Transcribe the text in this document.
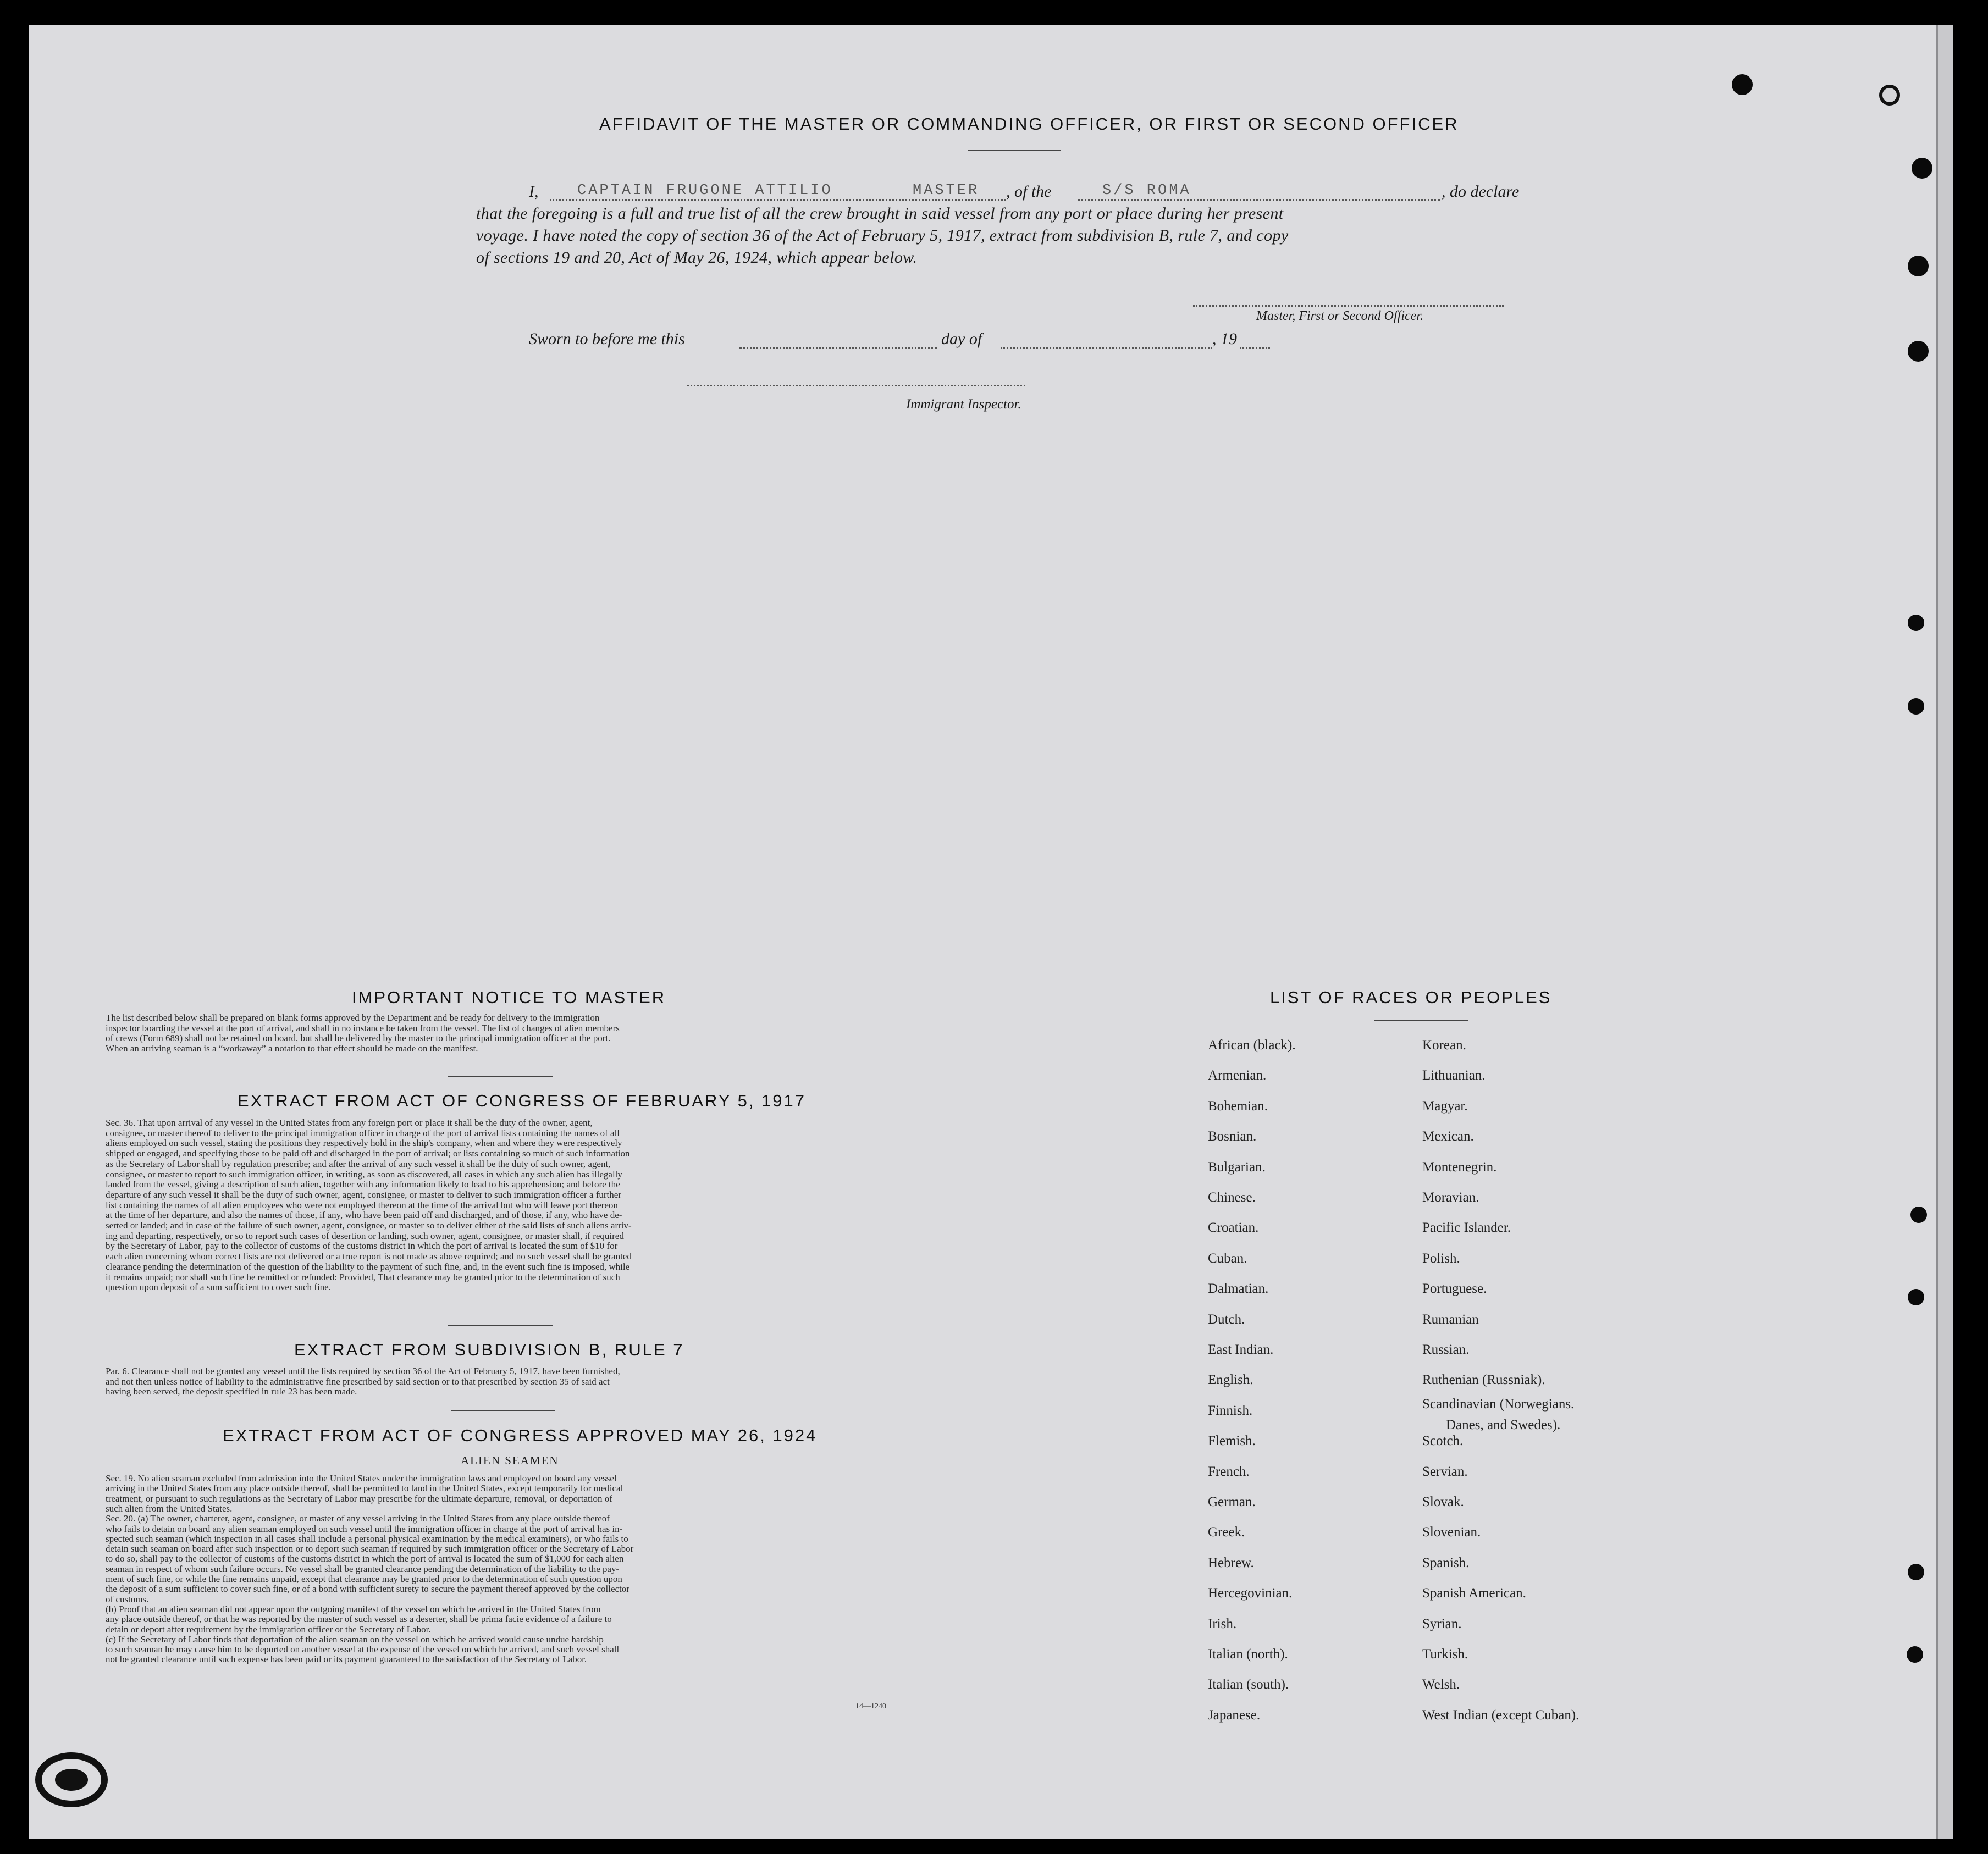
AFFIDAVIT OF THE MASTER OR COMMANDING OFFICER, OR FIRST OR SECOND OFFICER
I,	CAPTAIN FRUGONE ATTILIO	MASTER , of the	S/S ROMA	, do declare
that the foregoing is a full and true list of all the crew brought in said vessel from any port or place during her present
voyage. I have noted the copy of section 36 of the Act of February 5, 1917, extract from subdivision B, rule 7, and copy
of sections 19 and 20, Act of May 26, 1924, which appear below.
Master, First or Second Officer.
Sworn to before me this	day of	, 19
Immigrant Inspector.
IMPORTANT NOTICE TO MASTER
The list described below shall be prepared on blank forms approved by the Department and be ready for delivery to the immigration
inspector boarding the vessel at the port of arrival, and shall in no instance be taken from the vessel. The list of changes of alien members
of crews (Form 689) shall not be retained on board, but shall be delivered by the master to the principal immigration officer at the port.
When an arriving seaman is a “workaway” a notation to that effect should be made on the manifest.
EXTRACT FROM ACT OF CONGRESS OF FEBRUARY 5, 1917
Sec. 36. That upon arrival of any vessel in the United States from any foreign port or place it shall be the duty of the owner, agent,
consignee, or master thereof to deliver to the principal immigration officer in charge of the port of arrival lists containing the names of all
aliens employed on such vessel, stating the positions they respectively hold in the ship's company, when and where they were respectively
shipped or engaged, and specifying those to be paid off and discharged in the port of arrival; or lists containing so much of such information
as the Secretary of Labor shall by regulation prescribe; and after the arrival of any such vessel it shall be the duty of such owner, agent,
consignee, or master to report to such immigration officer, in writing, as soon as discovered, all cases in which any such alien has illegally
landed from the vessel, giving a description of such alien, together with any information likely to lead to his apprehension; and before the
departure of any such vessel it shall be the duty of such owner, agent, consignee, or master to deliver to such immigration officer a further
list containing the names of all alien employees who were not employed thereon at the time of the arrival but who will leave port thereon
at the time of her departure, and also the names of those, if any, who have been paid off and discharged, and of those, if any, who have de-
serted or landed; and in case of the failure of such owner, agent, consignee, or master so to deliver either of the said lists of such aliens arriv-
ing and departing, respectively, or so to report such cases of desertion or landing, such owner, agent, consignee, or master shall, if required
by the Secretary of Labor, pay to the collector of customs of the customs district in which the port of arrival is located the sum of $10 for
each alien concerning whom correct lists are not delivered or a true report is not made as above required; and no such vessel shall be granted
clearance pending the determination of the question of the liability to the payment of such fine, and, in the event such fine is imposed, while
it remains unpaid; nor shall such fine be remitted or refunded: Provided, That clearance may be granted prior to the determination of such
question upon deposit of a sum sufficient to cover such fine.
EXTRACT FROM SUBDIVISION B, RULE 7
Par. 6. Clearance shall not be granted any vessel until the lists required by section 36 of the Act of February 5, 1917, have been furnished,
and not then unless notice of liability to the administrative fine prescribed by said section or to that prescribed by section 35 of said act
having been served, the deposit specified in rule 23 has been made.
EXTRACT FROM ACT OF CONGRESS APPROVED MAY 26, 1924
ALIEN SEAMEN
Sec. 19. No alien seaman excluded from admission into the United States under the immigration laws and employed on board any vessel
arriving in the United States from any place outside thereof, shall be permitted to land in the United States, except temporarily for medical
treatment, or pursuant to such regulations as the Secretary of Labor may prescribe for the ultimate departure, removal, or deportation of
such alien from the United States.
Sec. 20. (a) The owner, charterer, agent, consignee, or master of any vessel arriving in the United States from any place outside thereof
who fails to detain on board any alien seaman employed on such vessel until the immigration officer in charge at the port of arrival has in-
spected such seaman (which inspection in all cases shall include a personal physical examination by the medical examiners), or who fails to
detain such seaman on board after such inspection or to deport such seaman if required by such immigration officer or the Secretary of Labor
to do so, shall pay to the collector of customs of the customs district in which the port of arrival is located the sum of $1,000 for each alien
seaman in respect of whom such failure occurs. No vessel shall be granted clearance pending the determination of the liability to the pay-
ment of such fine, or while the fine remains unpaid, except that clearance may be granted prior to the determination of such question upon
the deposit of a sum sufficient to cover such fine, or of a bond with sufficient surety to secure the payment thereof approved by the collector
of customs.
(b) Proof that an alien seaman did not appear upon the outgoing manifest of the vessel on which he arrived in the United States from
any place outside thereof, or that he was reported by the master of such vessel as a deserter, shall be prima facie evidence of a failure to
detain or deport after requirement by the immigration officer or the Secretary of Labor.
(c) If the Secretary of Labor finds that deportation of the alien seaman on the vessel on which he arrived would cause undue hardship
to such seaman he may cause him to be deported on another vessel at the expense of the vessel on which he arrived, and such vessel shall
not be granted clearance until such expense has been paid or its payment guaranteed to the satisfaction of the Secretary of Labor.
14—1240
LIST OF RACES OR PEOPLES
African (black).
Armenian.
Bohemian.
Bosnian.
Bulgarian.
Chinese.
Croatian.
Cuban.
Dalmatian.
Dutch.
East Indian.
English.
Finnish.
Flemish.
French.
German.
Greek.
Hebrew.
Hercegovinian.
Irish.
Italian (north).
Italian (south).
Japanese.
Korean.
Lithuanian.
Magyar.
Mexican.
Montenegrin.
Moravian.
Pacific Islander.
Polish.
Portuguese.
Rumanian
Russian.
Ruthenian (Russniak).
Scandinavian (Norwegians.
Scotch.
Servian.
Slovak.
Slovenian.
Spanish.
Spanish American.
Syrian.
Turkish.
Welsh.
West Indian (except Cuban).
Danes, and Swedes).
